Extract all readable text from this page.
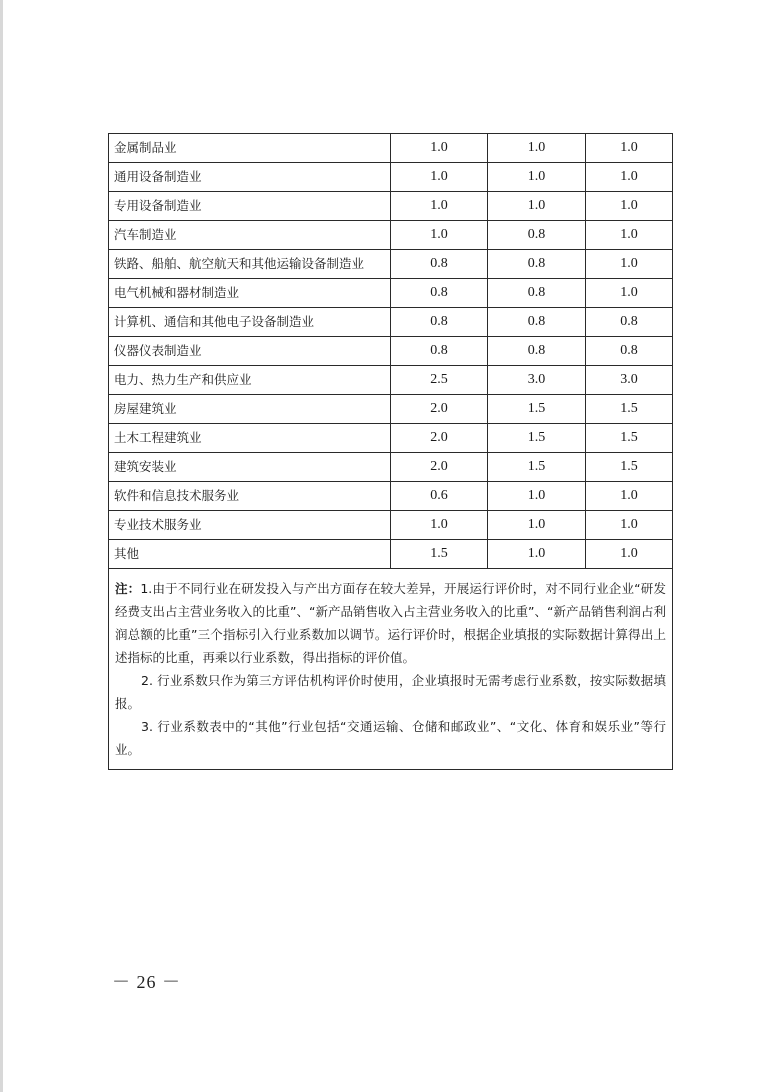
金属制品业	1.0	1.0	1.0
通用设备制造业	1.0	1.0	1.0
专用设备制造业	1.0	1.0	1.0
汽车制造业	1.0	0.8	1.0
铁路、船舶、航空航天和其他运输设备制造业	0.8	0.8	1.0
电气机械和器材制造业	0.8	0.8	1.0
计算机、通信和其他电子设备制造业	0.8	0.8	0.8
仪器仪表制造业	0.8	0.8	0.8
电力、热力生产和供应业	2.5	3.0	3.0
房屋建筑业	2.0	1.5	1.5
土木工程建筑业	2.0	1.5	1.5
建筑安装业	2.0	1.5	1.5
软件和信息技术服务业	0.6	1.0	1.0
专业技术服务业	1.0	1.0	1.0
其他	1.5	1.0	1.0

注：1.由于不同行业在研发投入与产出方面存在较大差异，开展运行评价时，对不同行业企业“研发经费支出占主营业务收入的比重”、“新产品销售收入占主营业务收入的比重”、“新产品销售利润占利润总额的比重”三个指标引入行业系数加以调节。运行评价时，根据企业填报的实际数据计算得出上述指标的比重，再乘以行业系数，得出指标的评价值。

2. 行业系数只作为第三方评估机构评价时使用，企业填报时无需考虑行业系数，按实际数据填报。

3. 行业系数表中的“其他”行业包括“交通运输、仓储和邮政业”、“文化、体育和娱乐业”等行业。			

－ 26 －
